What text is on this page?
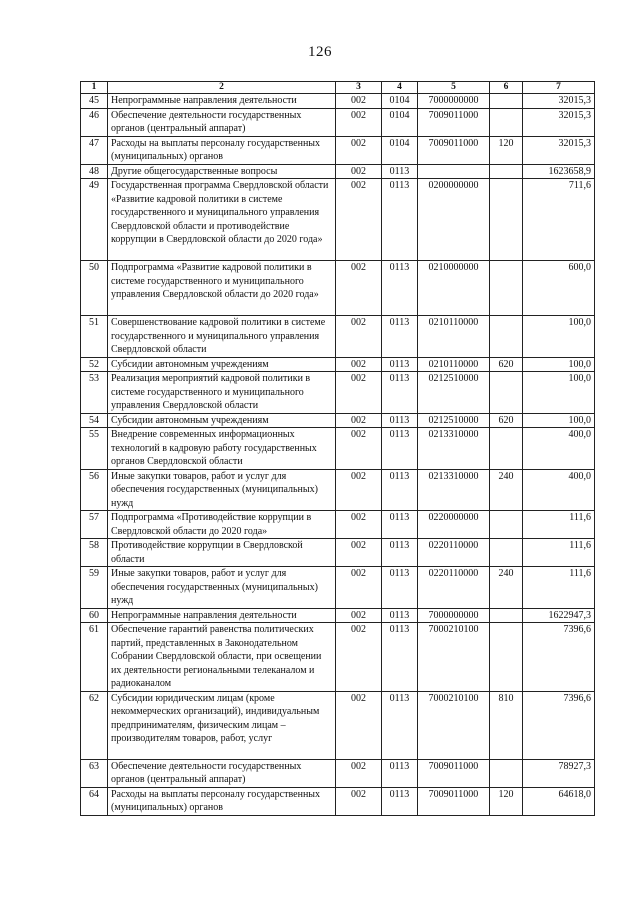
126
1	2	3	4	5	6	7
45	Непрограммные направления деятельности	002	0104	7000000000		32015,3
46	Обеспечение деятельности государственных органов (центральный аппарат)	002	0104	7009011000		32015,3
47	Расходы на выплаты персоналу государственных (муниципальных) органов	002	0104	7009011000	120	32015,3
48	Другие общегосударственные вопросы	002	0113			1623658,9
49	Государственная программа Свердловской области «Развитие кадровой политики в системе государственного и муниципального управления Свердловской области и противодействие коррупции в Свердловской области до 2020 года»	002	0113	0200000000		711,6
50	Подпрограмма «Развитие кадровой политики в системе государственного и муниципального управления Свердловской области до 2020 года»	002	0113	0210000000		600,0
51	Совершенствование кадровой политики в системе государственного и муниципального управления Свердловской области	002	0113	0210110000		100,0
52	Субсидии автономным учреждениям	002	0113	0210110000	620	100,0
53	Реализация мероприятий кадровой политики в системе государственного и муниципального управления Свердловской области	002	0113	0212510000		100,0
54	Субсидии автономным учреждениям	002	0113	0212510000	620	100,0
55	Внедрение современных информационных технологий в кадровую работу государственных органов Свердловской области	002	0113	0213310000		400,0
56	Иные закупки товаров, работ и услуг для обеспечения государственных (муниципальных) нужд	002	0113	0213310000	240	400,0
57	Подпрограмма «Противодействие коррупции в Свердловской области до 2020 года»	002	0113	0220000000		111,6
58	Противодействие коррупции в Свердловской области	002	0113	0220110000		111,6
59	Иные закупки товаров, работ и услуг для обеспечения государственных (муниципальных) нужд	002	0113	0220110000	240	111,6
60	Непрограммные направления деятельности	002	0113	7000000000		1622947,3
61	Обеспечение гарантий равенства политических партий, представленных в Законодательном Собрании Свердловской области, при освещении их деятельности региональными телеканалом и радиоканалом	002	0113	7000210100		7396,6
62	Субсидии юридическим лицам (кроме некоммерческих организаций), индивидуальным предпринимателям, физическим лицам – производителям товаров, работ, услуг	002	0113	7000210100	810	7396,6
63	Обеспечение деятельности государственных органов (центральный аппарат)	002	0113	7009011000		78927,3
64	Расходы на выплаты персоналу государственных (муниципальных) органов	002	0113	7009011000	120	64618,0
